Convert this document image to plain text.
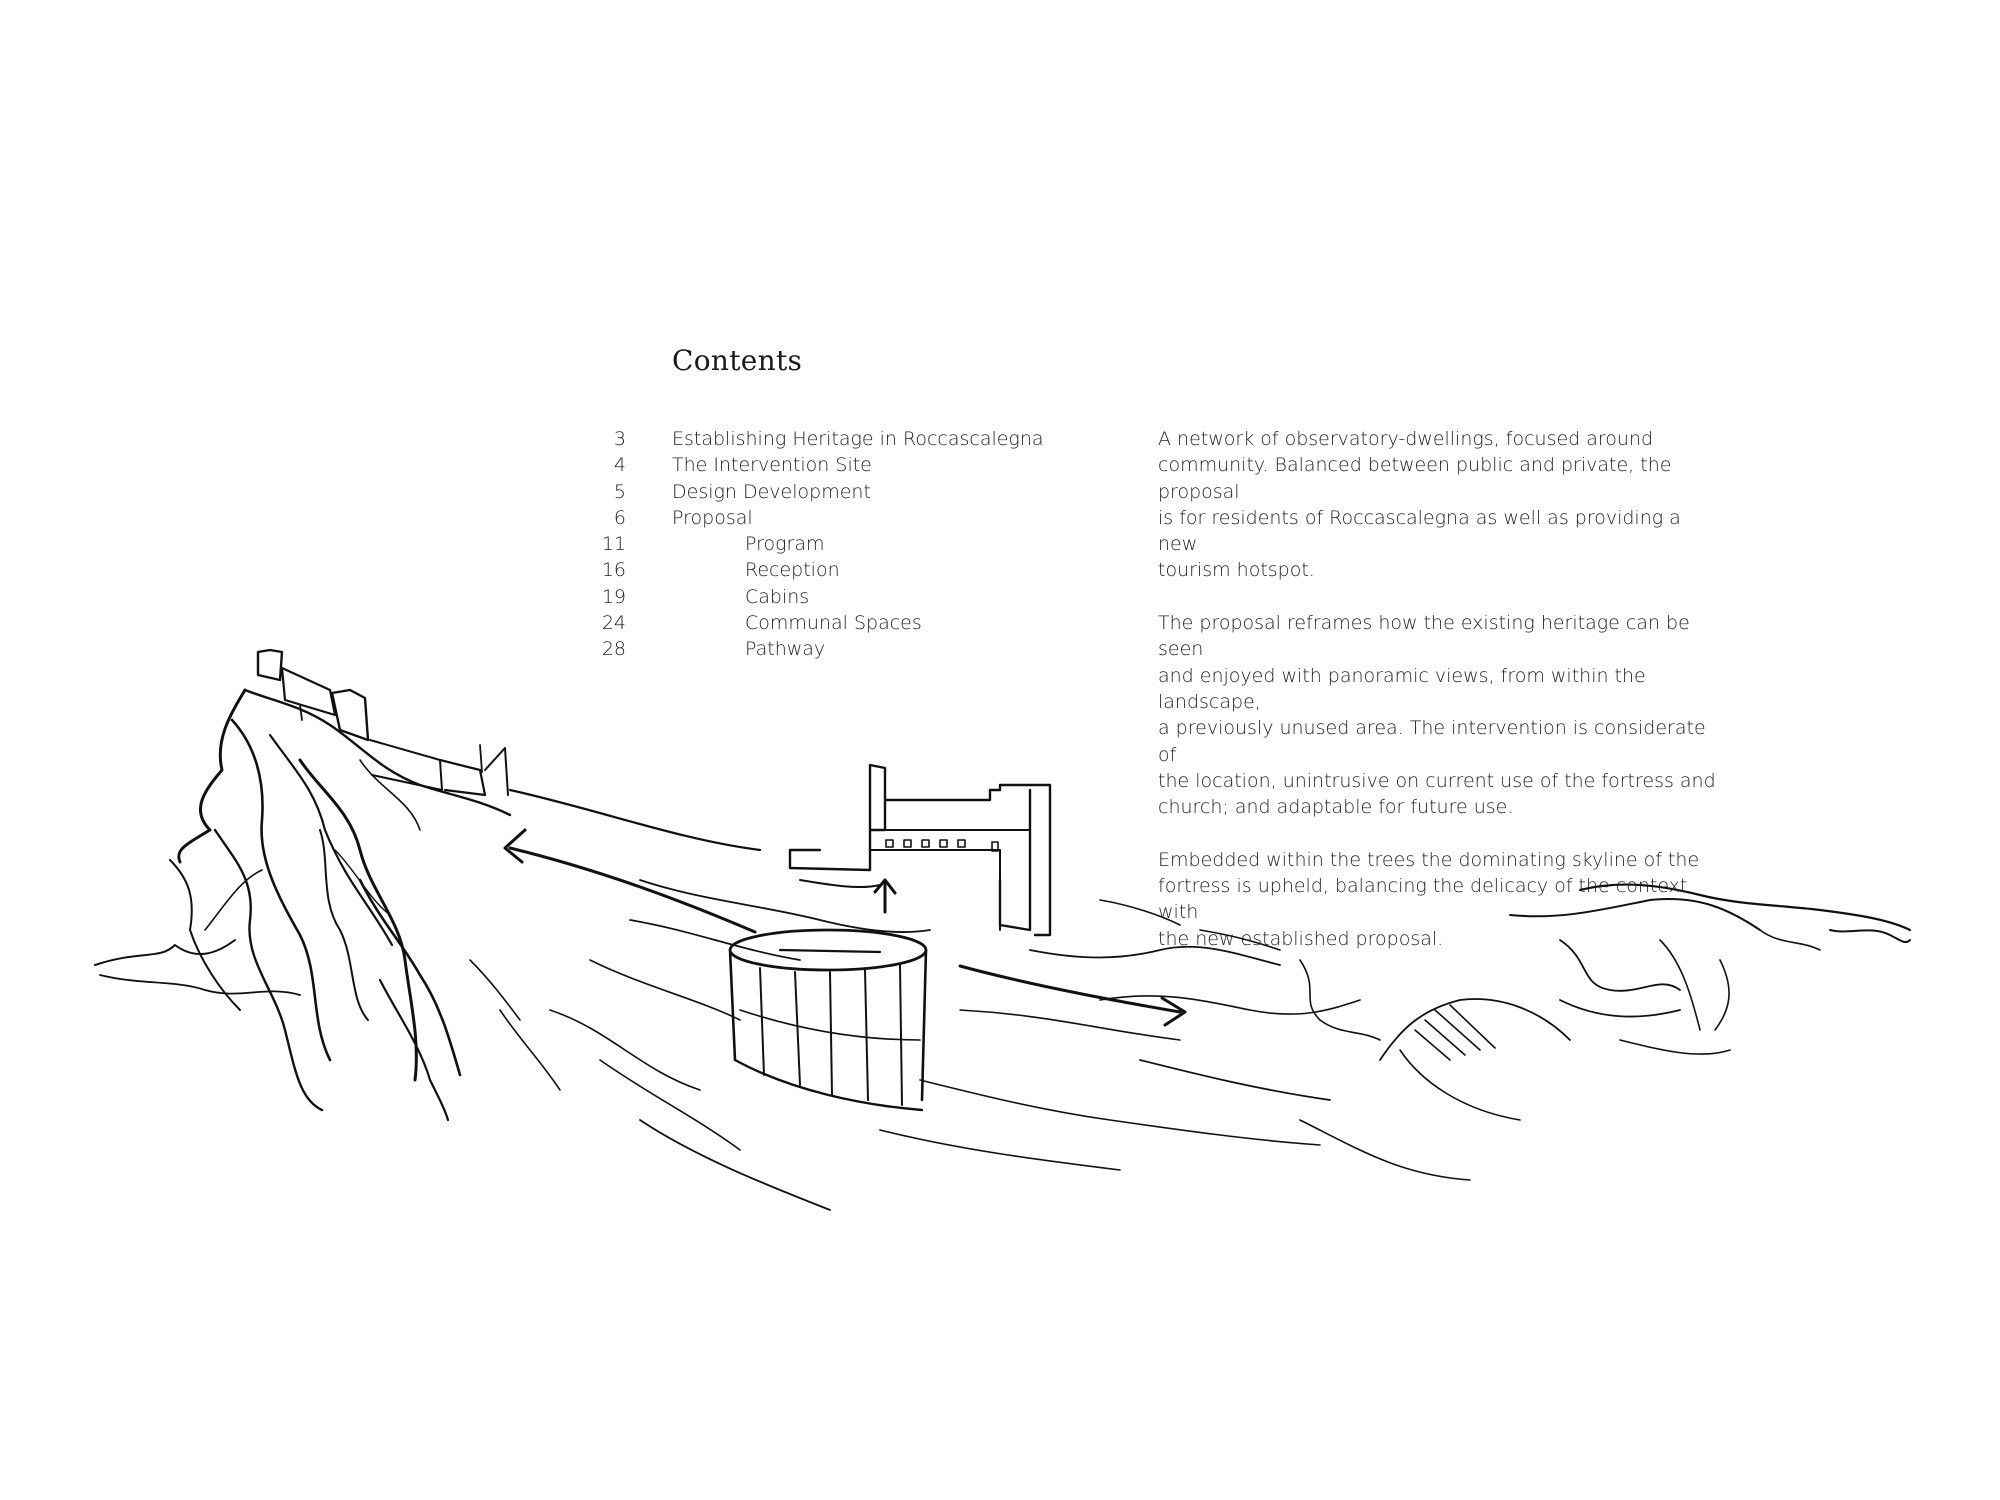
Contents
3 Establishing Heritage in Roccascalegna
4 The Intervention Site
5 Design Development
6 Proposal
11	Program
16	Reception
19	Cabins
24	Communal Spaces
28	Pathway

A network of observatory-dwellings, focused around
community. Balanced between public and private, the proposal
is for residents of Roccascalegna as well as providing a new
tourism hotspot.

The proposal reframes how the existing heritage can be seen
and enjoyed with panoramic views, from within the landscape,
a previously unused area. The intervention is considerate of
the location, unintrusive on current use of the fortress and
church; and adaptable for future use.

Embedded within the trees the dominating skyline of the
fortress is upheld, balancing the delicacy of the context with
the new established proposal.
